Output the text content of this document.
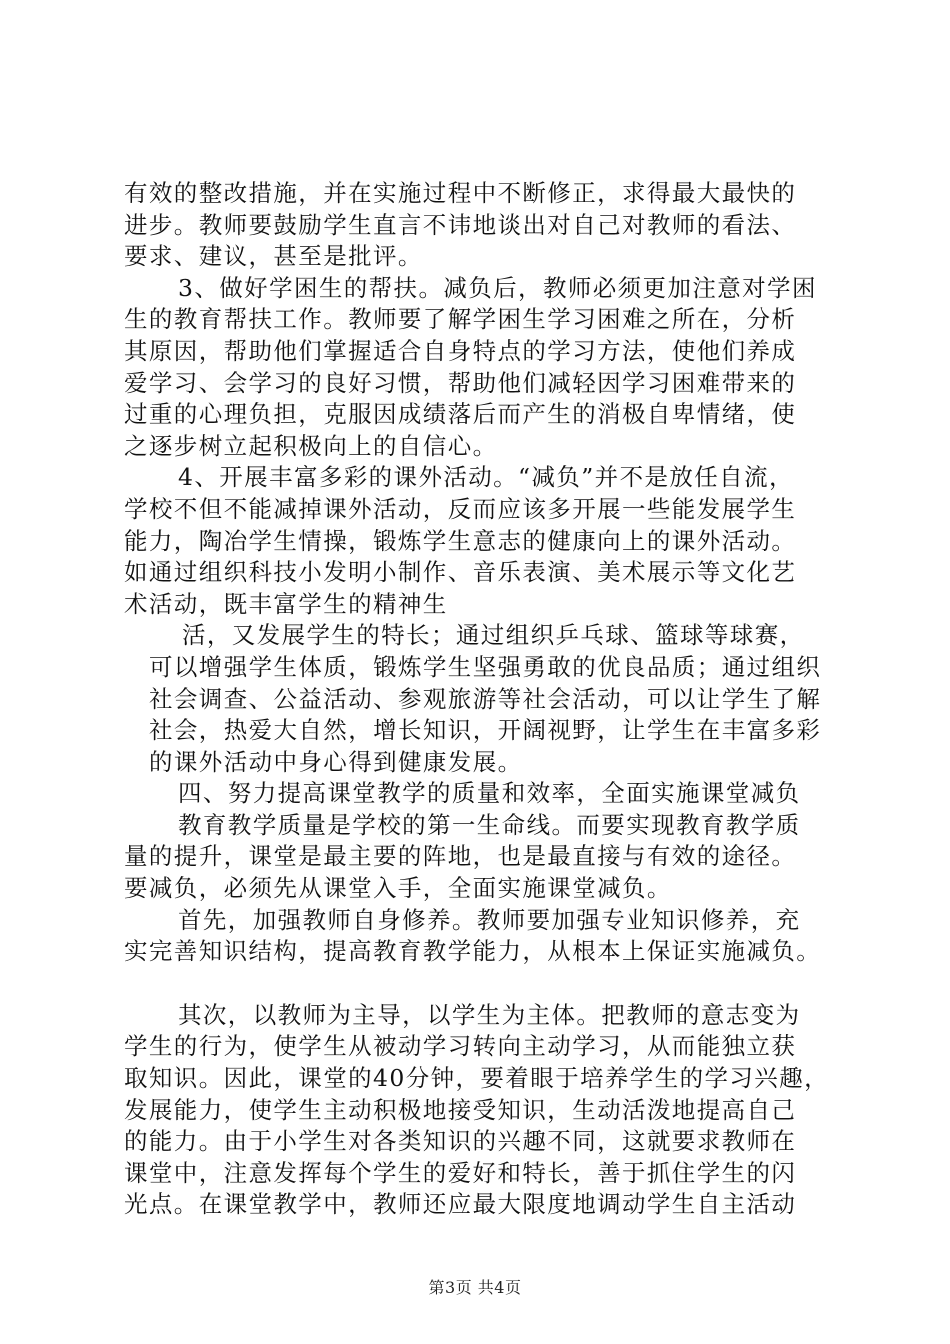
有效的整改措施，并在实施过程中不断修正，求得最大最快的
进步。教师要鼓励学生直言不讳地谈出对自己对教师的看法、
要求、建议，甚至是批评。
3、做好学困生的帮扶。减负后，教师必须更加注意对学困
生的教育帮扶工作。教师要了解学困生学习困难之所在，分析
其原因，帮助他们掌握适合自身特点的学习方法，使他们养成
爱学习、会学习的良好习惯，帮助他们减轻因学习困难带来的
过重的心理负担，克服因成绩落后而产生的消极自卑情绪，使
之逐步树立起积极向上的自信心。
4、开展丰富多彩的课外活动。“减负”并不是放任自流，
学校不但不能减掉课外活动，反而应该多开展一些能发展学生
能力，陶冶学生情操，锻炼学生意志的健康向上的课外活动。
如通过组织科技小发明小制作、音乐表演、美术展示等文化艺
术活动，既丰富学生的精神生
活，又发展学生的特长；通过组织乒乓球、篮球等球赛，
可以增强学生体质，锻炼学生坚强勇敢的优良品质；通过组织
社会调查、公益活动、参观旅游等社会活动，可以让学生了解
社会，热爱大自然，增长知识，开阔视野，让学生在丰富多彩
的课外活动中身心得到健康发展。
四、努力提高课堂教学的质量和效率，全面实施课堂减负
教育教学质量是学校的第一生命线。而要实现教育教学质
量的提升，课堂是最主要的阵地，也是最直接与有效的途径。
要减负，必须先从课堂入手，全面实施课堂减负。
首先，加强教师自身修养。教师要加强专业知识修养，充
实完善知识结构，提高教育教学能力，从根本上保证实施减负。
其次，以教师为主导，以学生为主体。把教师的意志变为
学生的行为，使学生从被动学习转向主动学习，从而能独立获
取知识。因此，课堂的40分钟，要着眼于培养学生的学习兴趣，
发展能力，使学生主动积极地接受知识，生动活泼地提高自己
的能力。由于小学生对各类知识的兴趣不同，这就要求教师在
课堂中，注意发挥每个学生的爱好和特长，善于抓住学生的闪
光点。在课堂教学中，教师还应最大限度地调动学生自主活动
第3页 共4页
